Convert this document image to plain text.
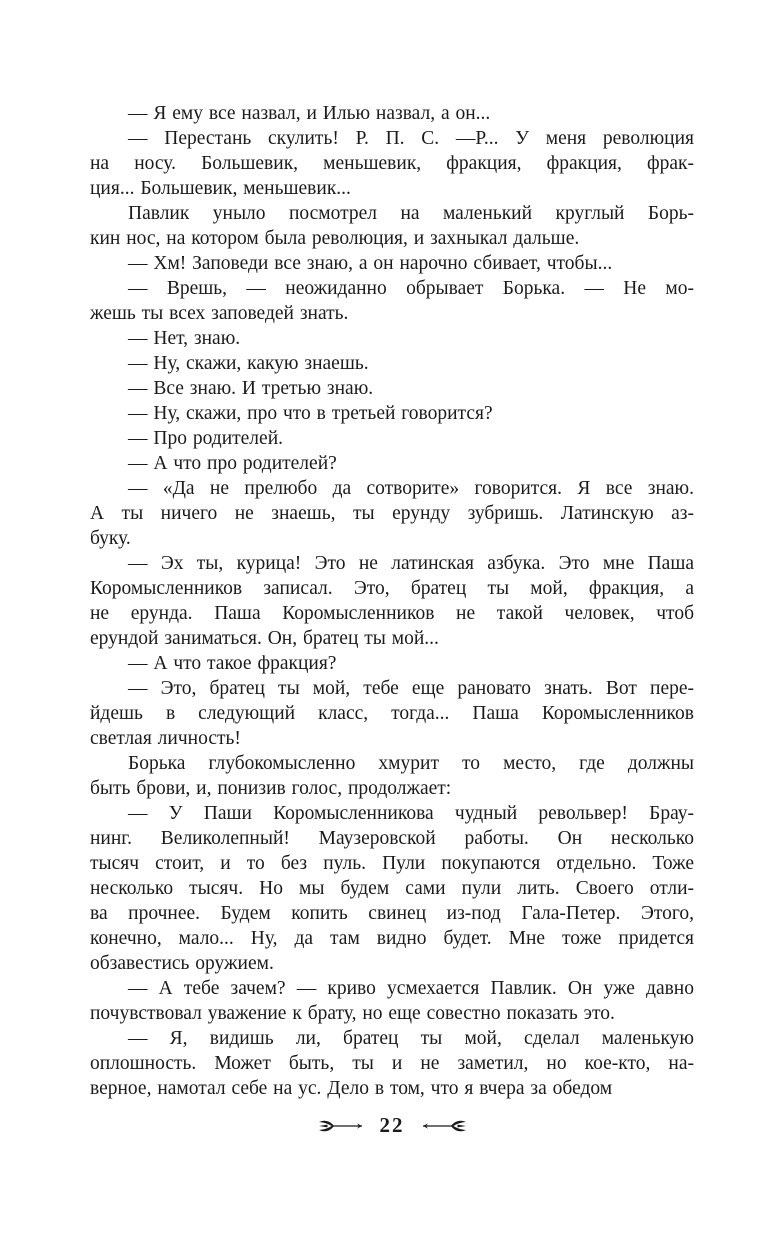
— Я ему все назвал, и Илью назвал, а он...
— Перестань скулить! Р. П. С. —Р... У меня революция
на носу. Большевик, меньшевик, фракция, фракция, фрак-
ция... Большевик, меньшевик...
Павлик уныло посмотрел на маленький круглый Борь-
кин нос, на котором была революция, и захныкал дальше.
— Хм! Заповеди все знаю, а он нарочно сбивает, чтобы...
— Врешь, — неожиданно обрывает Борька. — Не мо-
жешь ты всех заповедей знать.
— Нет, знаю.
— Ну, скажи, какую знаешь.
— Все знаю. И третью знаю.
— Ну, скажи, про что в третьей говорится?
— Про родителей.
— А что про родителей?
— «Да не прелюбо да сотворите» говорится. Я все знаю.
А ты ничего не знаешь, ты ерунду зубришь. Латинскую аз-
буку.
— Эх ты, курица! Это не латинская азбука. Это мне Паша
Коромысленников записал. Это, братец ты мой, фракция, а
не ерунда. Паша Коромысленников не такой человек, чтоб
ерундой заниматься. Он, братец ты мой...
— А что такое фракция?
— Это, братец ты мой, тебе еще рановато знать. Вот пере-
йдешь в следующий класс, тогда... Паша Коромысленников
светлая личность!
Борька глубокомысленно хмурит то место, где должны
быть брови, и, понизив голос, продолжает:
— У Паши Коромысленникова чудный револьвер! Брау-
нинг. Великолепный! Маузеровской работы. Он несколько
тысяч стоит, и то без пуль. Пули покупаются отдельно. Тоже
несколько тысяч. Но мы будем сами пули лить. Своего отли-
ва прочнее. Будем копить свинец из-под Гала-Петер. Этого,
конечно, мало... Ну, да там видно будет. Мне тоже придется
обзавестись оружием.
— А тебе зачем? — криво усмехается Павлик. Он уже давно
почувствовал уважение к брату, но еще совестно показать это.
— Я, видишь ли, братец ты мой, сделал маленькую
оплошность. Может быть, ты и не заметил, но кое-кто, на-
верное, намотал себе на ус. Дело в том, что я вчера за обедом
22
